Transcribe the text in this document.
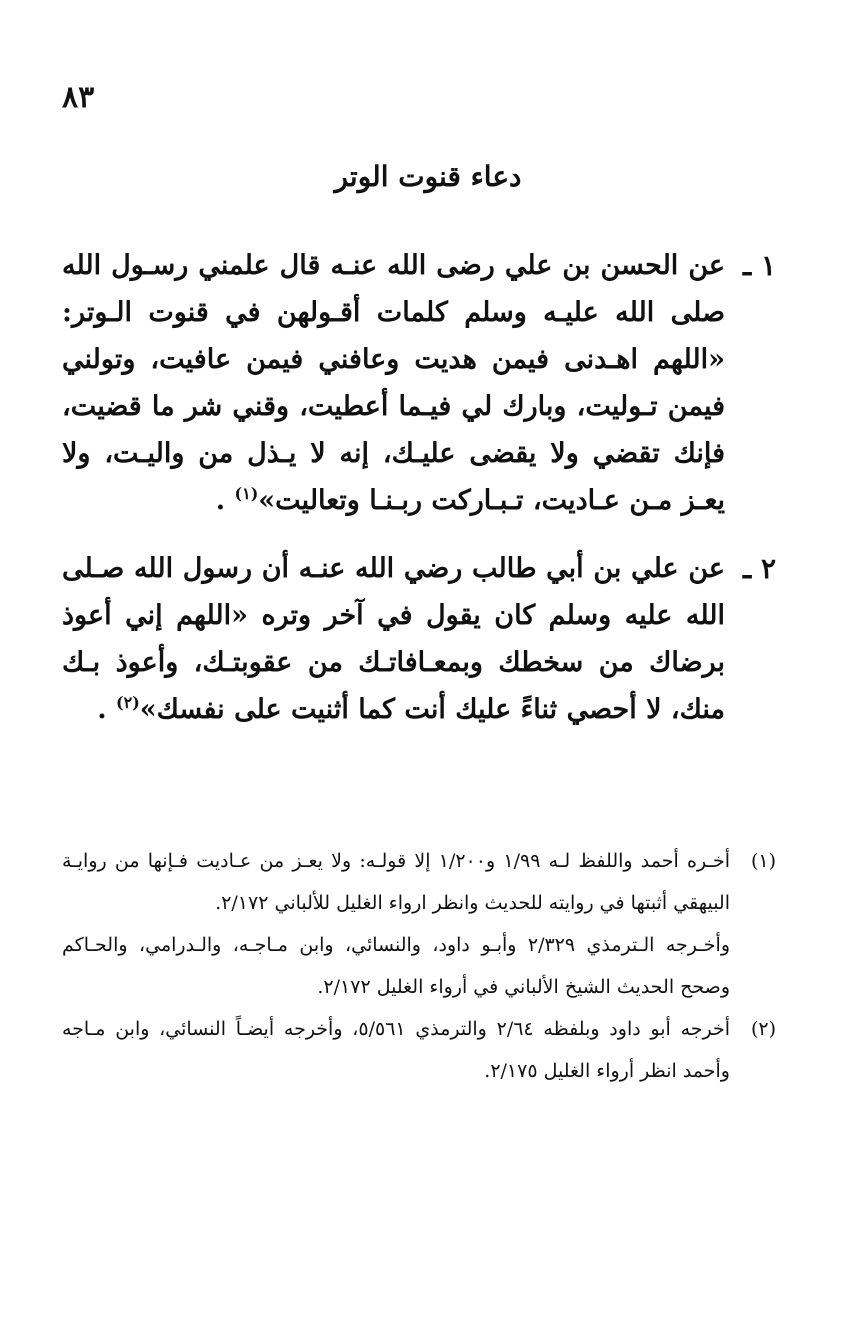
٨٣
دعاء قنوت الوتر
١ ـ
عن الحسن بن علي رضى الله عنـه قال علمني رسـول الله صلى الله عليـه وسلم كلمات أقـولهن في قنوت الـوتر: «اللهم اهـدنى فيمن هديت وعافني فيمن عافيت، وتولني فيمن تـوليت، وبارك لي فيـما أعطيت، وقني شر ما قضيت، فإنك تقضي ولا يقضى عليـك، إنه لا يـذل من واليـت، ولا يعـز مـن عـاديت، تـبـاركت ربـنـا وتعاليت»$^{(١)}$ .
٢ ـ
عن علي بن أبي طالب رضي الله عنـه أن رسول الله صـلى الله عليه وسلم كان يقول في آخر وتره «اللهم إني أعوذ برضاك من سخطك وبمعـافاتـك من عقوبتـك، وأعوذ بـك منك، لا أحصي ثناءً عليك أنت كما أثنيت على نفسك»$^{(٢)}$ .
(١)
أخـره أحمد واللفظ لـه ١/٩٩ و١/٢٠٠ إلا قولـه: ولا يعـز من عـاديت فـإنها من روايـة البيهقي أثبتها في روايته للحديث وانظر ارواء الغليل للألباني ٢/١٧٢.
وأخـرجه الـترمذي ٢/٣٢٩ وأبـو داود، والنسائي، وابن مـاجـه، والـدرامي، والحـاكم وصحح الحديث الشيخ الألباني في أرواء الغليل ٢/١٧٢.
(٢)
أخرجه أبو داود وبلفظه ٢/٦٤ والترمذي ٥/٥٦١، وأخرجه أيضـاً النسائي، وابن مـاجه وأحمد انظر أرواء الغليل ٢/١٧٥.
